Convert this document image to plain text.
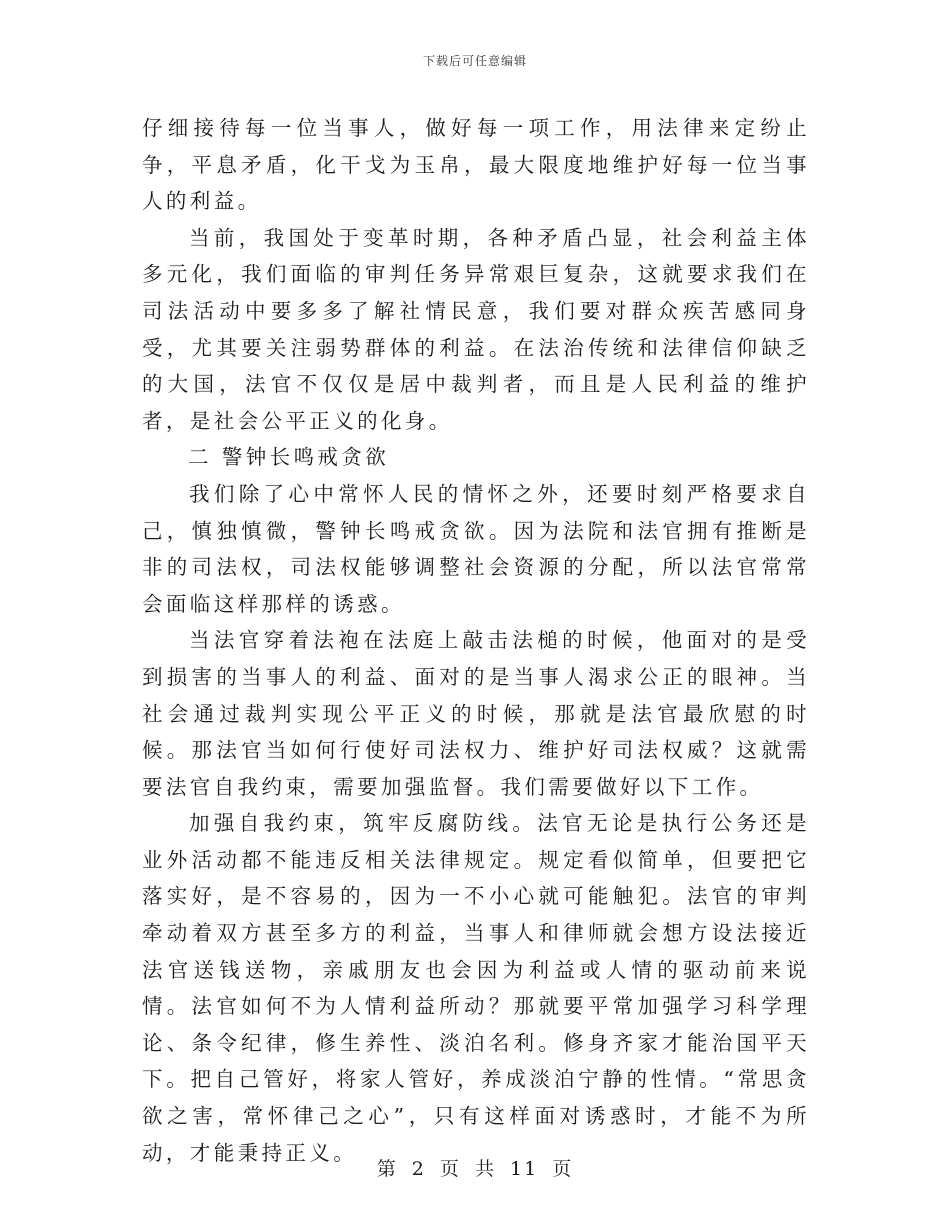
下载后可任意编辑

仔细接待每一位当事人，做好每一项工作，用法律来定纷止争，平息矛盾，化干戈为玉帛，最大限度地维护好每一位当事人的利益。

当前，我国处于变革时期，各种矛盾凸显，社会利益主体多元化，我们面临的审判任务异常艰巨复杂，这就要求我们在司法活动中要多多了解社情民意，我们要对群众疾苦感同身受，尤其要关注弱势群体的利益。在法治传统和法律信仰缺乏的大国，法官不仅仅是居中裁判者，而且是人民利益的维护者，是社会公平正义的化身。

二 警钟长鸣戒贪欲

我们除了心中常怀人民的情怀之外，还要时刻严格要求自己，慎独慎微，警钟长鸣戒贪欲。因为法院和法官拥有推断是非的司法权，司法权能够调整社会资源的分配，所以法官常常会面临这样那样的诱惑。

当法官穿着法袍在法庭上敲击法槌的时候，他面对的是受到损害的当事人的利益、面对的是当事人渴求公正的眼神。当社会通过裁判实现公平正义的时候，那就是法官最欣慰的时候。那法官当如何行使好司法权力、维护好司法权威？这就需要法官自我约束，需要加强监督。我们需要做好以下工作。

加强自我约束，筑牢反腐防线。法官无论是执行公务还是业外活动都不能违反相关法律规定。规定看似简单，但要把它落实好，是不容易的，因为一不小心就可能触犯。法官的审判牵动着双方甚至多方的利益，当事人和律师就会想方设法接近法官送钱送物，亲戚朋友也会因为利益或人情的驱动前来说情。法官如何不为人情利益所动？那就要平常加强学习科学理论、条令纪律，修生养性、淡泊名利。修身齐家才能治国平天下。把自己管好，将家人管好，养成淡泊宁静的性情。“常思贪欲之害，常怀律己之心”，只有这样面对诱惑时，才能不为所动，才能秉持正义。

第 2 页 共 11 页
